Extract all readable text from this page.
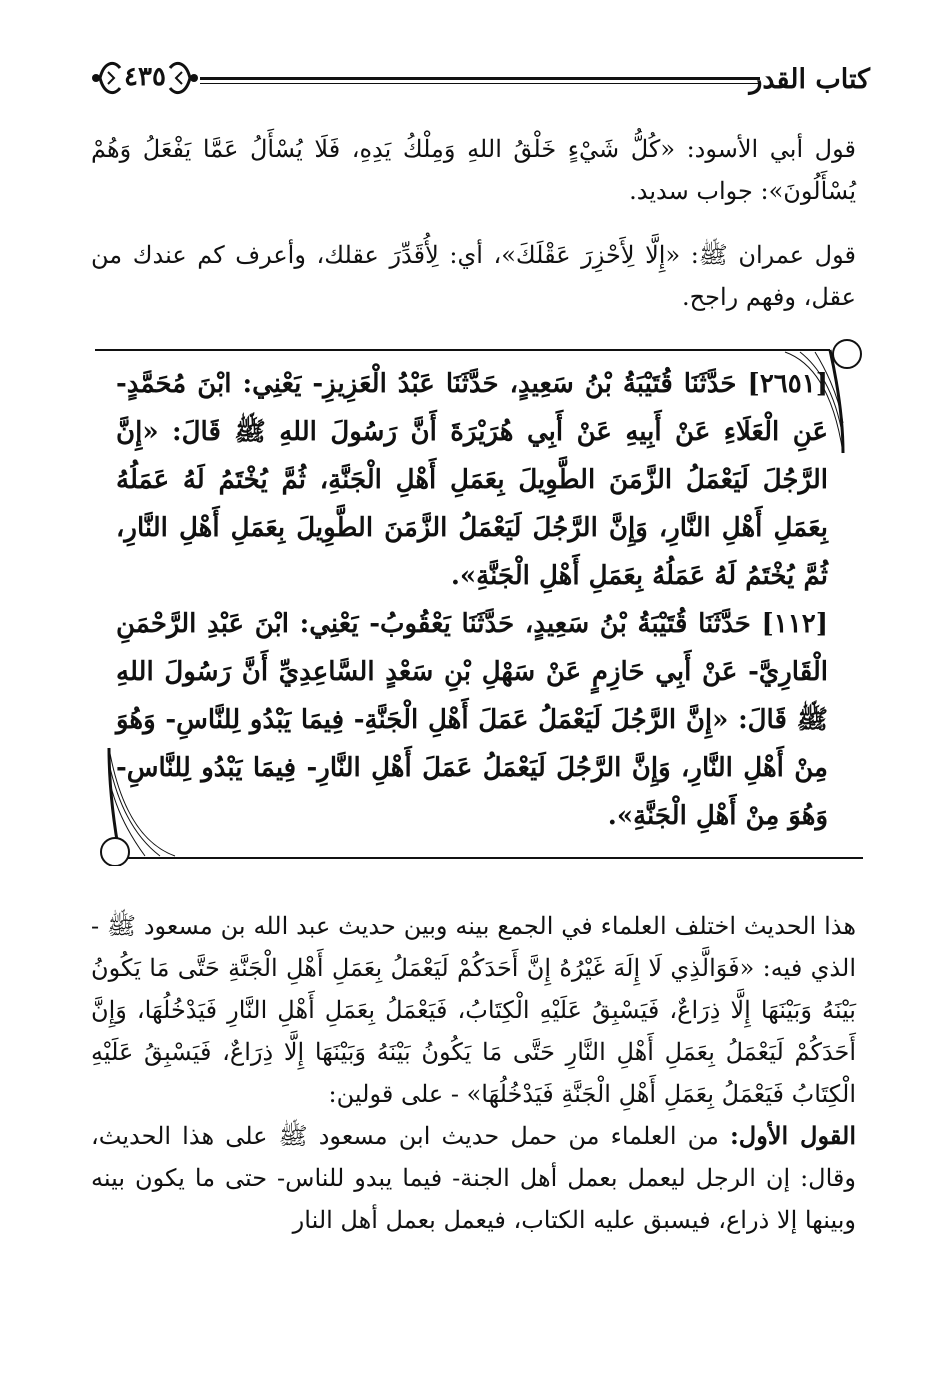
كتاب القدر
٤٣٥

قول أبي الأسود: «كُلُّ شَيْءٍ خَلْقُ اللهِ وَمِلْكُ يَدِهِ، فَلَا يُسْأَلُ عَمَّا يَفْعَلُ وَهُمْ يُسْأَلُونَ»: جواب سديد.

قول عمران ﷺ: «إِلَّا لِأَحْزِرَ عَقْلَكَ»، أي: لِأُقَدِّرَ عقلك، وأعرف كم عندك من عقل، وفهم راجح.

[٢٦٥١] حَدَّثَنَا قُتَيْبَةُ بْنُ سَعِيدٍ، حَدَّثَنَا عَبْدُ الْعَزِيزِ- يَعْنِي: ابْنَ مُحَمَّدٍ- عَنِ الْعَلَاءِ عَنْ أَبِيهِ عَنْ أَبِي هُرَيْرَةَ أَنَّ رَسُولَ اللهِ ﷺ قَالَ: «إِنَّ الرَّجُلَ لَيَعْمَلُ الزَّمَنَ الطَّوِيلَ بِعَمَلِ أَهْلِ الْجَنَّةِ، ثُمَّ يُخْتَمُ لَهُ عَمَلُهُ بِعَمَلِ أَهْلِ النَّارِ، وَإِنَّ الرَّجُلَ لَيَعْمَلُ الزَّمَنَ الطَّوِيلَ بِعَمَلِ أَهْلِ النَّارِ، ثُمَّ يُخْتَمُ لَهُ عَمَلُهُ بِعَمَلِ أَهْلِ الْجَنَّةِ».

[١١٢] حَدَّثَنَا قُتَيْبَةُ بْنُ سَعِيدٍ، حَدَّثَنَا يَعْقُوبُ- يَعْنِي: ابْنَ عَبْدِ الرَّحْمَنِ الْقَارِيَّ- عَنْ أَبِي حَازِمٍ عَنْ سَهْلِ بْنِ سَعْدٍ السَّاعِدِيِّ أَنَّ رَسُولَ اللهِ ﷺ قَالَ: «إِنَّ الرَّجُلَ لَيَعْمَلُ عَمَلَ أَهْلِ الْجَنَّةِ- فِيمَا يَبْدُو لِلنَّاسِ- وَهُوَ مِنْ أَهْلِ النَّارِ، وَإِنَّ الرَّجُلَ لَيَعْمَلُ عَمَلَ أَهْلِ النَّارِ- فِيمَا يَبْدُو لِلنَّاسِ- وَهُوَ مِنْ أَهْلِ الْجَنَّةِ».

هذا الحديث اختلف العلماء في الجمع بينه وبين حديث عبد الله بن مسعود ﷺ - الذي فيه: «فَوَالَّذِي لَا إِلَهَ غَيْرُهُ إِنَّ أَحَدَكُمْ لَيَعْمَلُ بِعَمَلِ أَهْلِ الْجَنَّةِ حَتَّى مَا يَكُونُ بَيْنَهُ وَبَيْنَهَا إِلَّا ذِرَاعٌ، فَيَسْبِقُ عَلَيْهِ الْكِتَابُ، فَيَعْمَلُ بِعَمَلِ أَهْلِ النَّارِ فَيَدْخُلُهَا، وَإِنَّ أَحَدَكُمْ لَيَعْمَلُ بِعَمَلِ أَهْلِ النَّارِ حَتَّى مَا يَكُونُ بَيْنَهُ وَبَيْنَهَا إِلَّا ذِرَاعٌ، فَيَسْبِقُ عَلَيْهِ الْكِتَابُ فَيَعْمَلُ بِعَمَلِ أَهْلِ الْجَنَّةِ فَيَدْخُلُهَا» - على قولين:

القول الأول: من العلماء من حمل حديث ابن مسعود ﷺ على هذا الحديث، وقال: إن الرجل ليعمل بعمل أهل الجنة- فيما يبدو للناس- حتى ما يكون بينه وبينها إلا ذراع، فيسبق عليه الكتاب، فيعمل بعمل أهل النار
